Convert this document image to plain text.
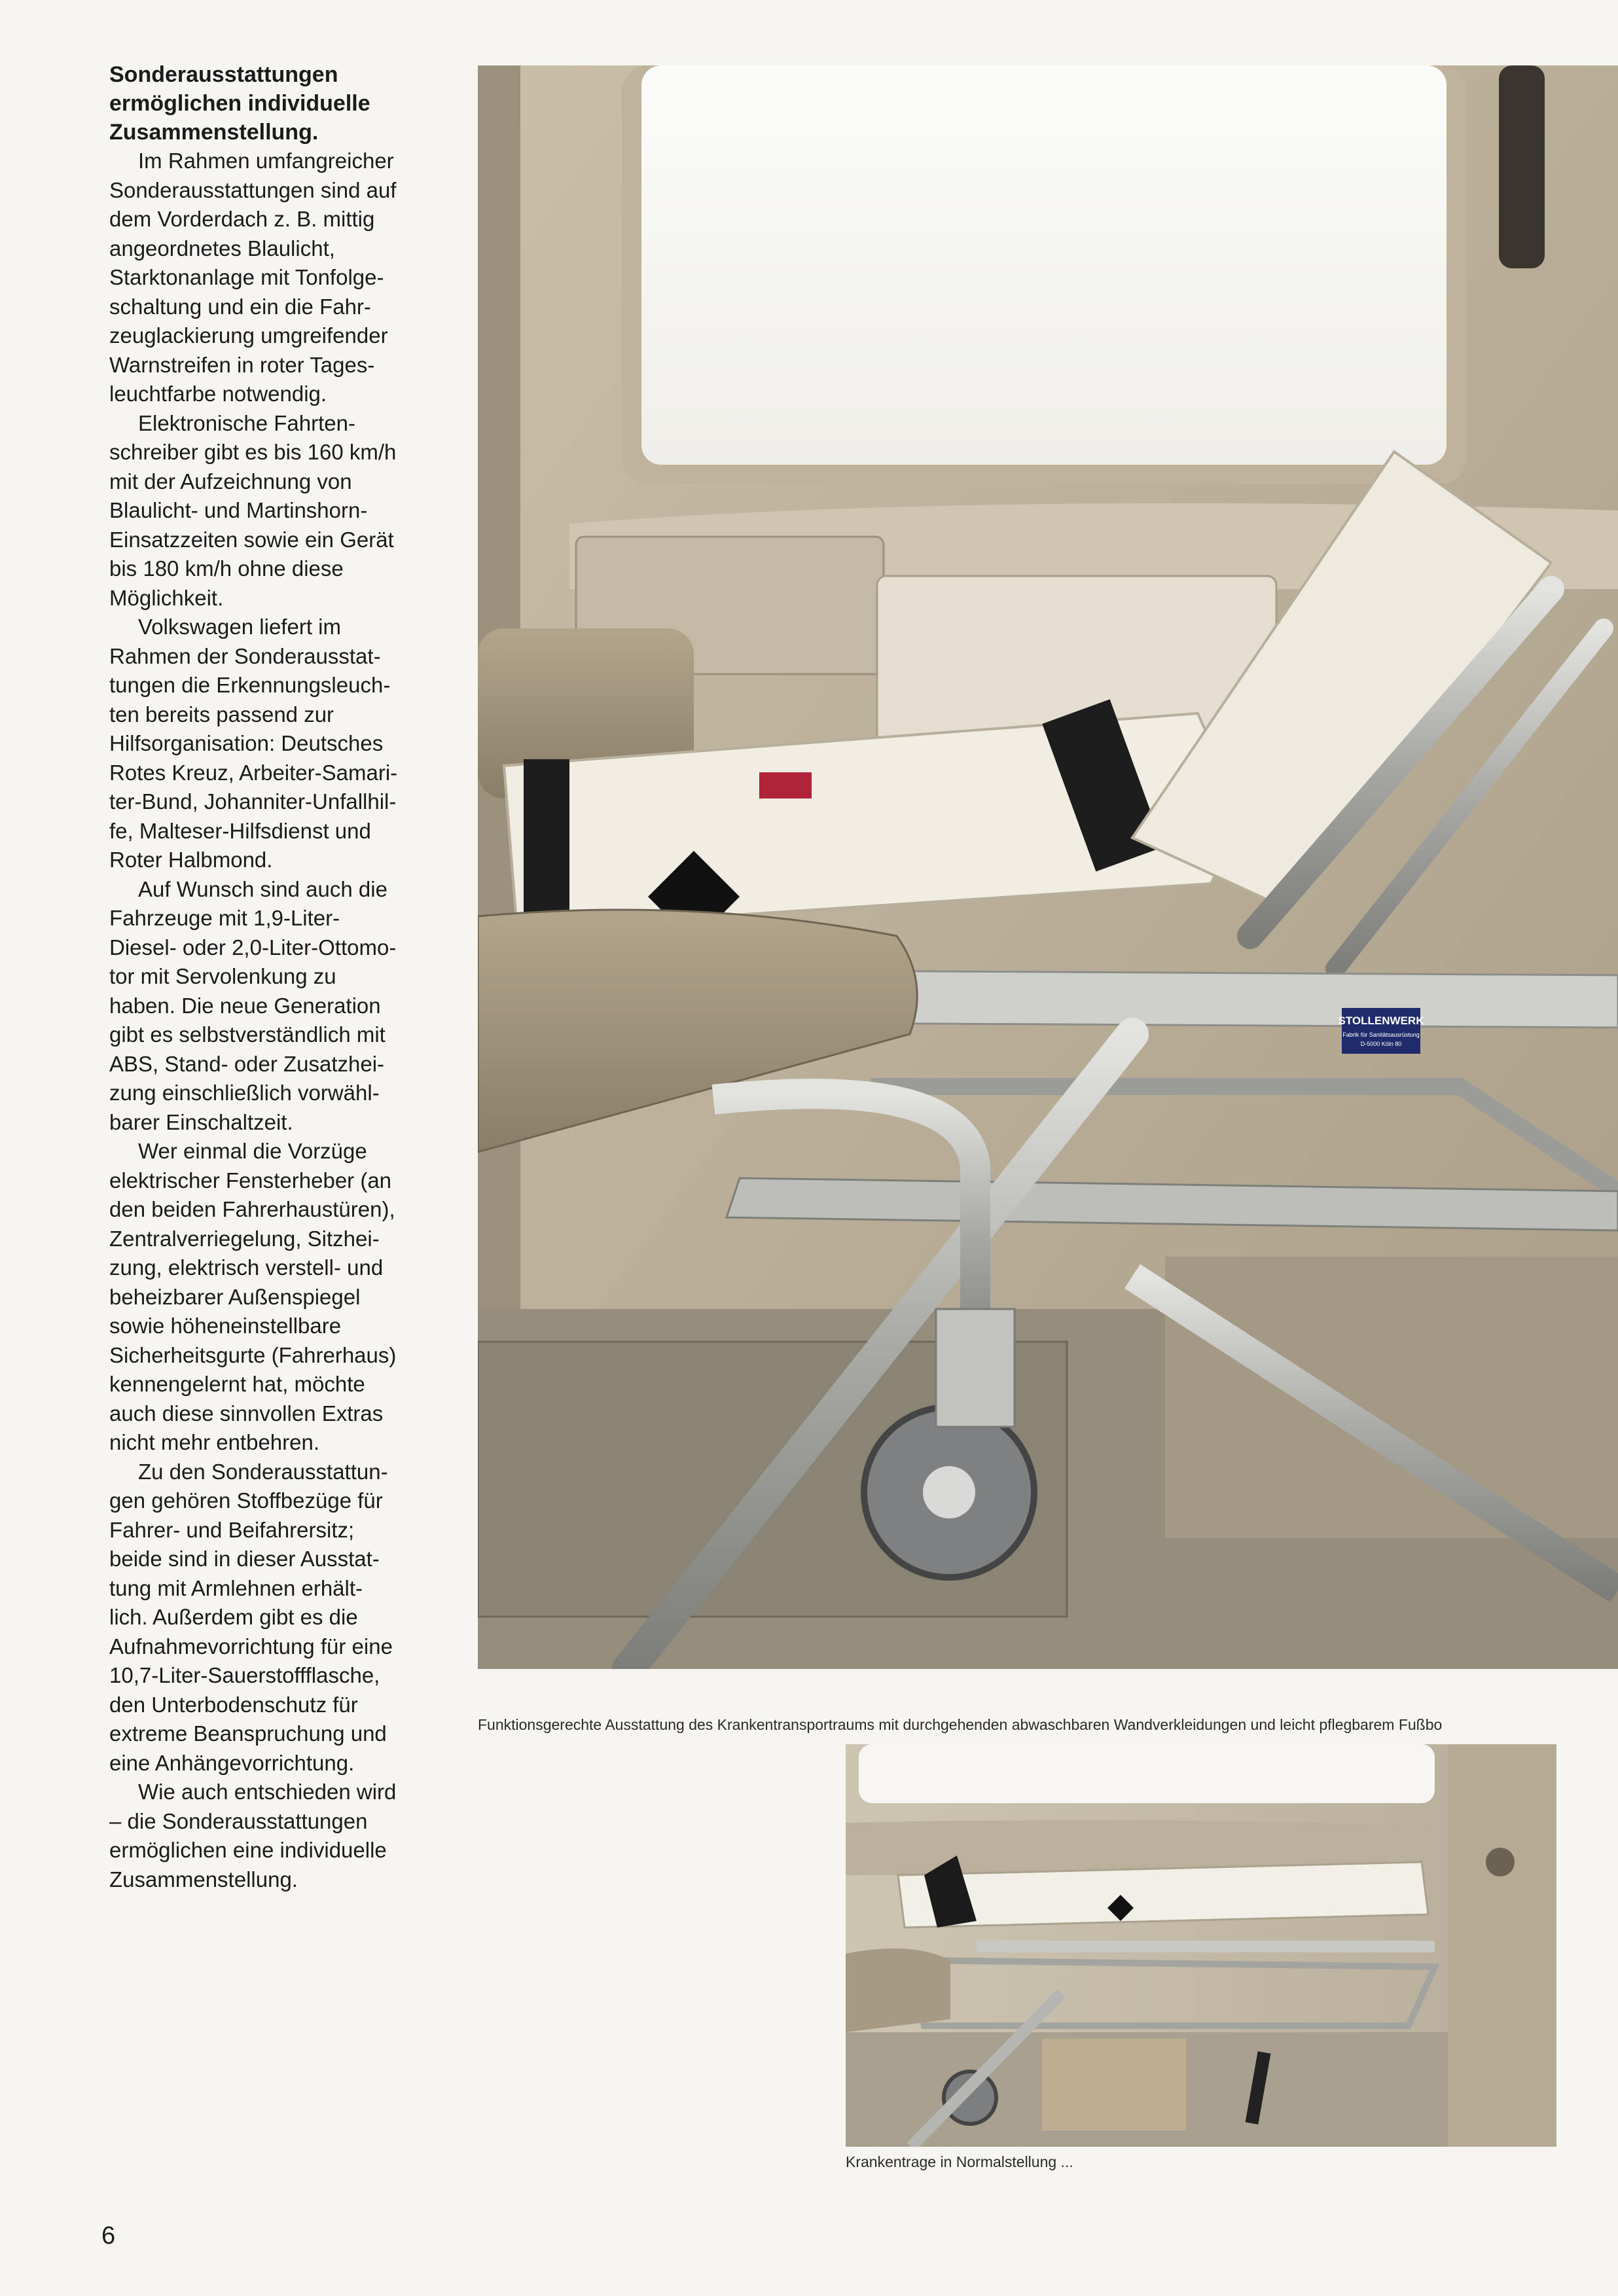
Sonderausstattungen
ermöglichen individuelle
Zusammenstellung.
Im Rahmen umfangreicher
Sonderausstattungen sind auf
dem Vorderdach z. B. mittig
angeordnetes Blaulicht,
Starktonanlage mit Tonfolge-
schaltung und ein die Fahr-
zeuglackierung umgreifender
Warnstreifen in roter Tages-
leuchtfarbe notwendig.
Elektronische Fahrten-
schreiber gibt es bis 160 km/h
mit der Aufzeichnung von
Blaulicht- und Martinshorn-
Einsatzzeiten sowie ein Gerät
bis 180 km/h ohne diese
Möglichkeit.
Volkswagen liefert im
Rahmen der Sonderausstat-
tungen die Erkennungsleuch-
ten bereits passend zur
Hilfsorganisation: Deutsches
Rotes Kreuz, Arbeiter-Samari-
ter-Bund, Johanniter-Unfallhil-
fe, Malteser-Hilfsdienst und
Roter Halbmond.
Auf Wunsch sind auch die
Fahrzeuge mit 1,9-Liter-
Diesel- oder 2,0-Liter-Ottomo-
tor mit Servolenkung zu
haben. Die neue Generation
gibt es selbstverständlich mit
ABS, Stand- oder Zusatzhei-
zung einschließlich vorwähl-
barer Einschaltzeit.
Wer einmal die Vorzüge
elektrischer Fensterheber (an
den beiden Fahrerhaustüren),
Zentralverriegelung, Sitzhei-
zung, elektrisch verstell- und
beheizbarer Außenspiegel
sowie höheneinstellbare
Sicherheitsgurte (Fahrerhaus)
kennengelernt hat, möchte
auch diese sinnvollen Extras
nicht mehr entbehren.
Zu den Sonderausstattun-
gen gehören Stoffbezüge für
Fahrer- und Beifahrersitz;
beide sind in dieser Ausstat-
tung mit Armlehnen erhält-
lich. Außerdem gibt es die
Aufnahmevorrichtung für eine
10,7-Liter-Sauerstoffflasche,
den Unterbodenschutz für
extreme Beanspruchung und
eine Anhängevorrichtung.
Wie auch entschieden wird
– die Sonderausstattungen
ermöglichen eine individuelle
Zusammenstellung.
STOLLENWERK
Fabrik für Sanitätsausrüstung
D-5000 Köln 80
Funktionsgerechte Ausstattung des Krankentransportraums mit durchgehenden abwaschbaren Wandverkleidungen und leicht pflegbarem Fußbo
Krankentrage in Normalstellung ...
6
